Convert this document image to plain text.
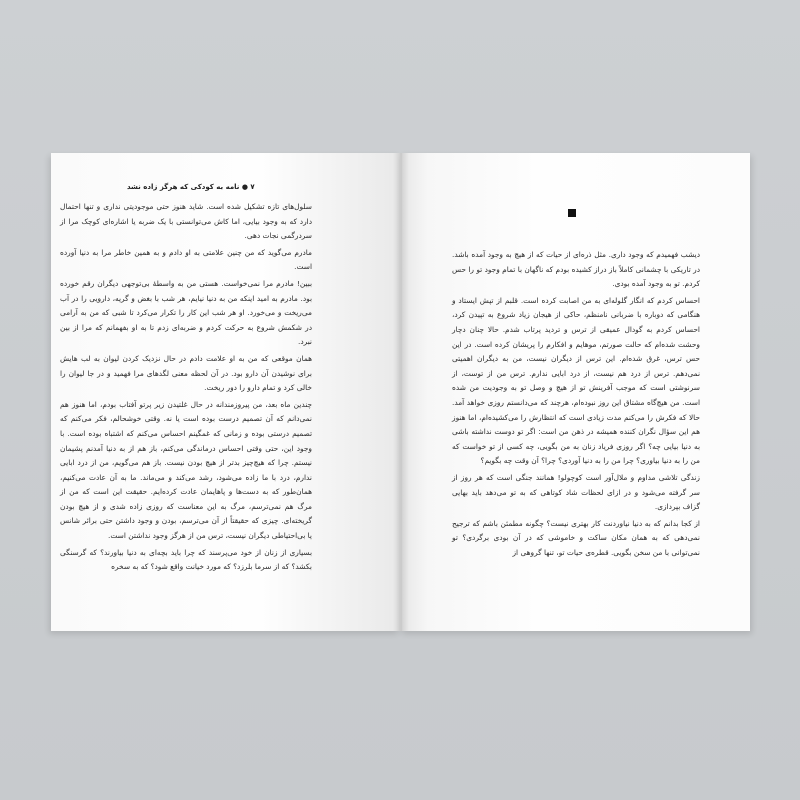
۷ ● نامه به کودکی که هرگز زاده نشد

سلول‌های تازه تشکیل شده است. شاید هنوز حتی موجودیتی نداری و تنها احتمال دارد که به وجود بیایی، اما کاش می‌توانستی با یک ضربه یا اشاره‌ای کوچک مرا از سردرگمی نجات دهی.

مادرم می‌گوید که من چنین علامتی به او دادم و به همین خاطر مرا به دنیا آورده است.

ببین! مادرم مرا نمی‌خواست. هستی من به واسطهٔ بی‌توجهی دیگران رقم خورده بود. مادرم به امید اینکه من به دنیا نیایم، هر شب با بغض و گریه، دارویی را در آب می‌ریخت و می‌خورد. او هر شب این کار را تکرار می‌کرد تا شبی که من به آرامی در شکمش شروع به حرکت کردم و ضربه‌ای زدم تا به او بفهمانم که مرا از بین نبرد.

همان موقعی که من به او علامت دادم در حال نزدیک کردن لیوان به لب هایش برای نوشیدن آن دارو بود. در آن لحظه معنی لگدهای مرا فهمید و در جا لیوان را خالی کرد و تمام دارو را دور ریخت.

چندین ماه بعد، من پیروزمندانه در حال غلتیدن زیر پرتو آفتاب بودم، اما هنوز هم نمی‌دانم که آن تصمیم درست بوده است یا نه. وقتی خوشحالم، فکر می‌کنم که تصمیم درستی بوده و زمانی که غمگینم احساس می‌کنم که اشتباه بوده است. با وجود این، حتی وقتی احساس درماندگی می‌کنم، باز هم از به دنیا آمدنم پشیمان نیستم. چرا که هیچ‌چیز بدتر از هیچ بودن نیست. باز هم می‌گویم، من از درد ابایی ندارم، درد با ما زاده می‌شود، رشد می‌کند و می‌ماند. ما به آن عادت می‌کنیم، همان‌طور که به دست‌ها و پاهایمان عادت کرده‌ایم. حقیقت این است که من از مرگ هم نمی‌ترسم، مرگ به این معناست که روزی زاده شدی و از هیچ بودن گریخته‌ای. چیزی که حقیقتاً از آن می‌ترسم، بودن و وجود داشتن حتی برائر شانس یا بی‌احتیاطی دیگران نیست، ترس من از هرگز وجود نداشتن است.

بسیاری از زنان از خود می‌پرسند که چرا باید بچه‌ای به دنیا بیاورند؟ که گرسنگی بکشد؟ که از سرما بلرزد؟ که مورد خیانت واقع شود؟ که به سخره

دیشب فهمیدم که وجود داری. مثل ذره‌ای از حیات که از هیچ به وجود آمده باشد. در تاریکی با چشمانی کاملاً باز دراز کشیده بودم که ناگهان با تمام وجود تو را حس کردم. تو به وجود آمده بودی.

احساس کردم که انگار گلوله‌ای به من اصابت کرده است. قلبم از تپش ایستاد و هنگامی که دوباره با ضربانی نامنظم، حاکی از هیجان زیاد شروع به تپیدن کرد، احساس کردم به گودال عمیقی از ترس و تردید پرتاب شدم. حالا چنان دچار وحشت شده‌ام که حالت صورتم، موهایم و افکارم را پریشان کرده است. در این حس ترس، غرق شده‌ام. این ترس از دیگران نیست، من به دیگران اهمیتی نمی‌دهم. ترس از درد هم نیست، از درد ابایی ندارم. ترس من از توست، از سرنوشتی است که موجب آفرینش تو از هیچ و وصل تو به وجودیت من شده است. من هیچ‌گاه مشتاق این روز نبوده‌ام، هرچند که می‌دانستم روزی خواهد آمد. حالا که فکرش را می‌کنم مدت زیادی است که انتظارش را می‌کشیده‌ام، اما هنوز هم این سؤال نگران کننده همیشه در ذهن من است: اگر تو دوست نداشته باشی به دنیا بیایی چه؟ اگر روزی فریاد زنان به من بگویی، چه کسی از تو خواست که من را به دنیا بیاوری؟ چرا من را به دنیا آوردی؟ چرا؟ آن وقت چه بگویم؟

زندگی تلاشی مداوم و ملال‌آور است کوچولو! همانند جنگی است که هر روز از سر گرفته می‌شود و در ازای لحظات شاد کوتاهی که به تو می‌دهد باید بهایی گزاف بپردازی.

از کجا بدانم که به دنیا نیاوردنت کار بهتری نیست؟ چگونه مطمئن باشم که ترجیح نمی‌دهی که به همان مکان ساکت و خاموشی که در آن بودی برگردی؟ تو نمی‌توانی با من سخن بگویی. قطره‌ی حیات تو، تنها گروهی از
